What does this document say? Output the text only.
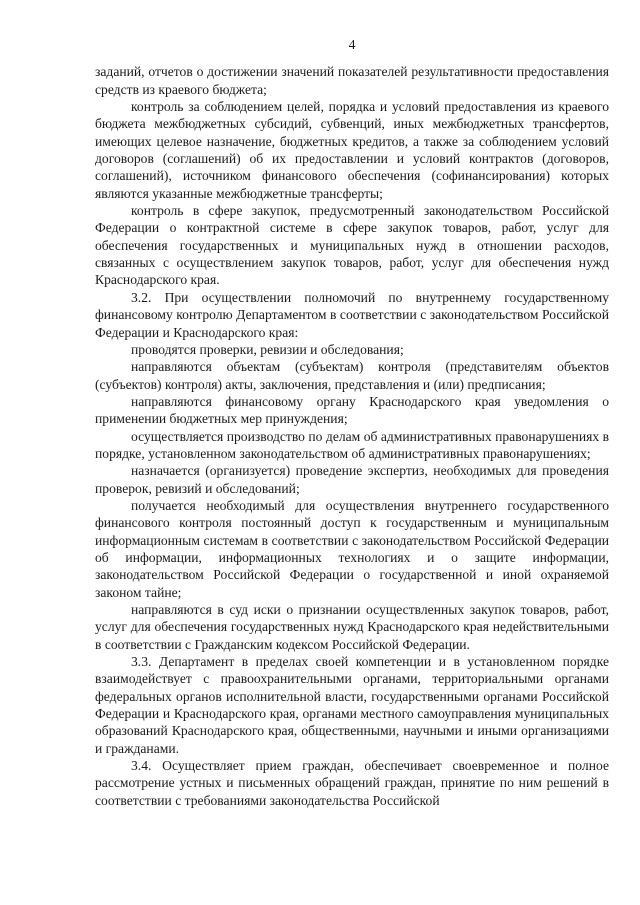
4

заданий, отчетов о достижении значений показателей результативности предоставления средств из краевого бюджета;

контроль за соблюдением целей, порядка и условий предоставления из краевого бюджета межбюджетных субсидий, субвенций, иных межбюджетных трансфертов, имеющих целевое назначение, бюджетных кредитов, а также за соблюдением условий договоров (соглашений) об их предоставлении и условий контрактов (договоров, соглашений), источником финансового обеспечения (софинансирования) которых являются указанные межбюджетные трансферты;

контроль в сфере закупок, предусмотренный законодательством Российской Федерации о контрактной системе в сфере закупок товаров, работ, услуг для обеспечения государственных и муниципальных нужд в отношении расходов, связанных с осуществлением закупок товаров, работ, услуг для обеспечения нужд Краснодарского края.

3.2. При осуществлении полномочий по внутреннему государственному финансовому контролю Департаментом в соответствии с законодательством Российской Федерации и Краснодарского края:

проводятся проверки, ревизии и обследования;

направляются объектам (субъектам) контроля (представителям объектов (субъектов) контроля) акты, заключения, представления и (или) предписания;

направляются финансовому органу Краснодарского края уведомления о применении бюджетных мер принуждения;

осуществляется производство по делам об административных правонарушениях в порядке, установленном законодательством об административных правонарушениях;

назначается (организуется) проведение экспертиз, необходимых для проведения проверок, ревизий и обследований;

получается необходимый для осуществления внутреннего государственного финансового контроля постоянный доступ к государственным и муниципальным информационным системам в соответствии с законодательством Российской Федерации об информации, информационных технологиях и о защите информации, законодательством Российской Федерации о государственной и иной охраняемой законом тайне;

направляются в суд иски о признании осуществленных закупок товаров, работ, услуг для обеспечения государственных нужд Краснодарского края недействительными в соответствии с Гражданским кодексом Российской Федерации.

3.3. Департамент в пределах своей компетенции и в установленном порядке взаимодействует с правоохранительными органами, территориальными органами федеральных органов исполнительной власти, государственными органами Российской Федерации и Краснодарского края, органами местного самоуправления муниципальных образований Краснодарского края, общественными, научными и иными организациями и гражданами.

3.4. Осуществляет прием граждан, обеспечивает своевременное и полное рассмотрение устных и письменных обращений граждан, принятие по ним решений в соответствии с требованиями законодательства Российской
